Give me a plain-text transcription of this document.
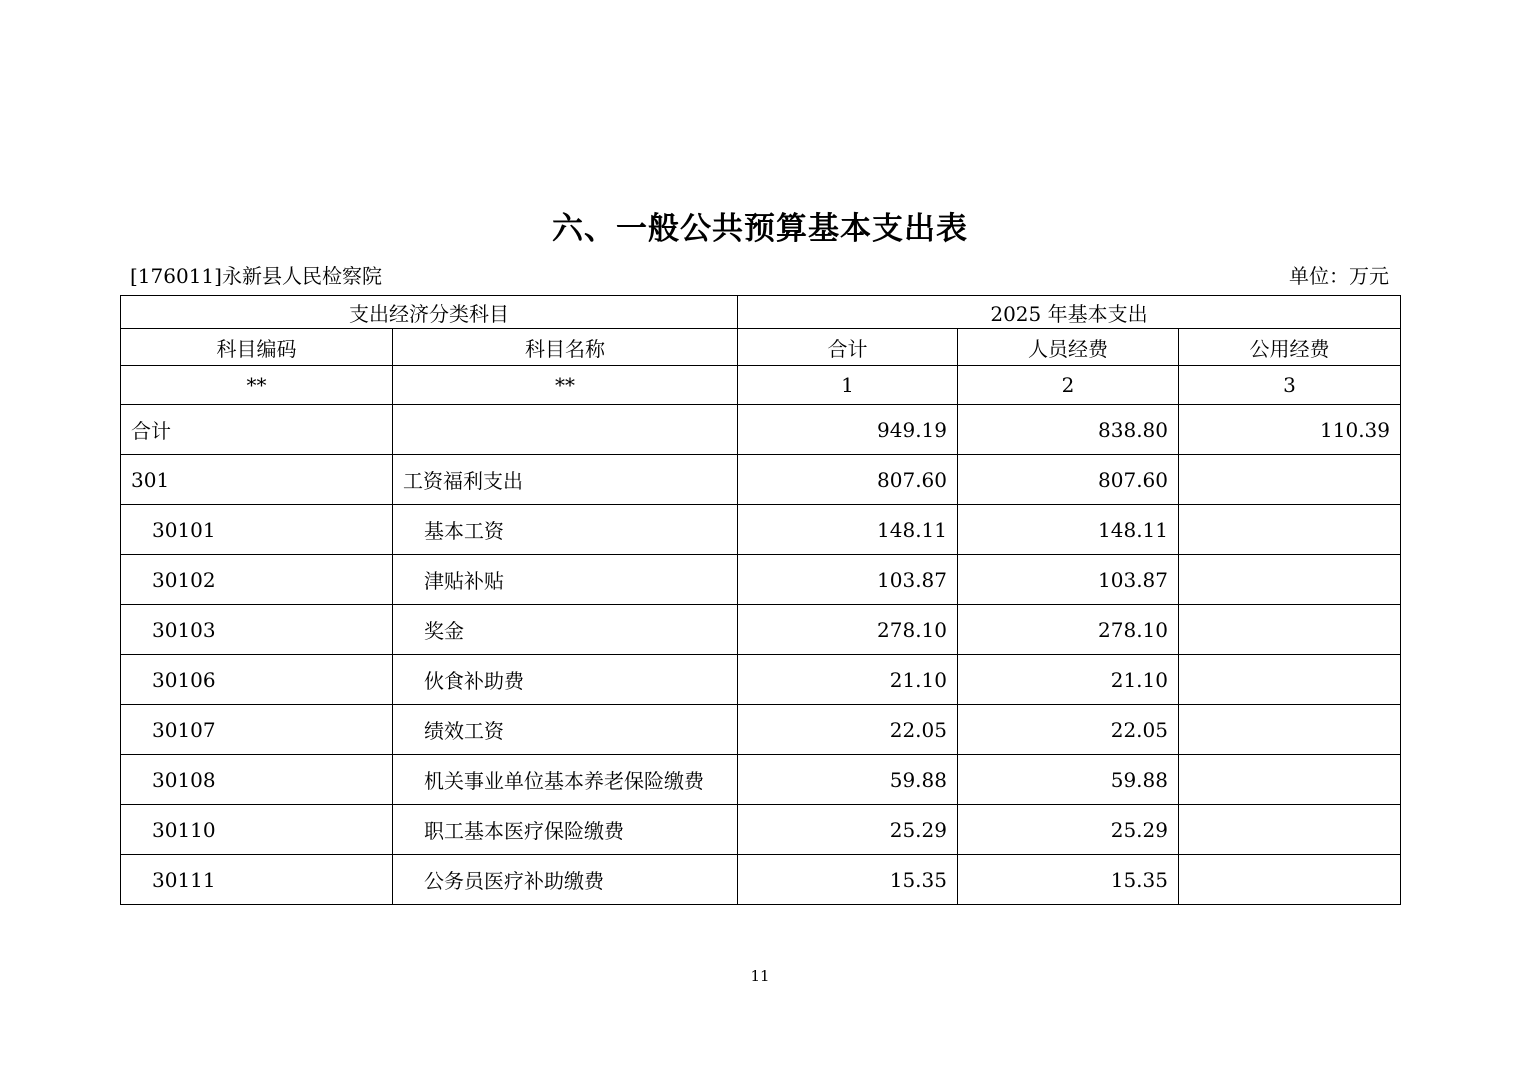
六、一般公共预算基本支出表
[176011]永新县人民检察院	单位：万元
支出经济分类科目		2025 年基本支出		
科目编码	科目名称	合计	人员经费	公用经费
**	**	1	2	3
合计		949.19	838.80	110.39
301	工资福利支出	807.60	807.60	
30101	基本工资	148.11	148.11	
30102	津贴补贴	103.87	103.87	
30103	奖金	278.10	278.10	
30106	伙食补助费	21.10	21.10	
30107	绩效工资	22.05	22.05	
30108	机关事业单位基本养老保险缴费	59.88	59.88	
30110	职工基本医疗保险缴费	25.29	25.29	
30111	公务员医疗补助缴费	15.35	15.35	
11
